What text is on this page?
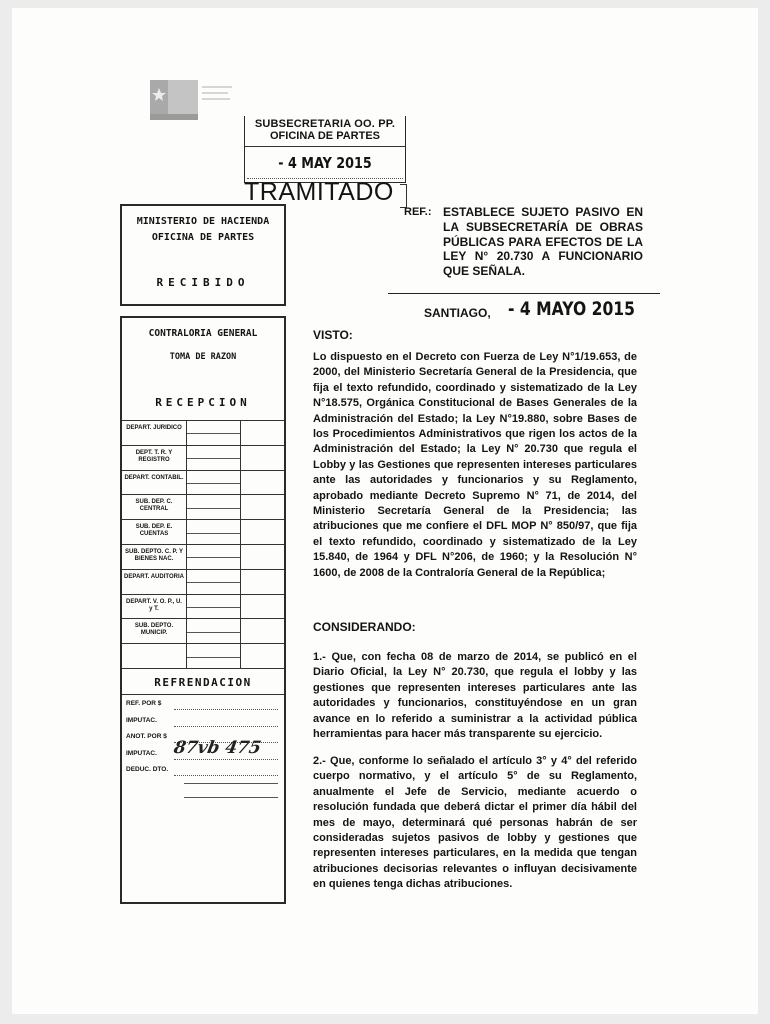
SUBSECRETARIA OO. PP.
OFICINA DE PARTES
- 4 MAY 2015
TRAMITADO
REF.: ESTABLECE SUJETO PASIVO EN LA SUBSECRETARÍA DE OBRAS PÚBLICAS PARA EFECTOS DE LA LEY N° 20.730 A FUNCIONARIO QUE SEÑALA.
MINISTERIO DE HACIENDA
OFICINA DE PARTES
RECIBIDO
CONTRALORIA GENERAL
TOMA DE RAZON
RECEPCION
DEPART. JURIDICO
DEPT. T. R. Y REGISTRO
DEPART. CONTABIL.
SUB. DEP. C. CENTRAL
SUB. DEP. E. CUENTAS
SUB. DEPTO. C. P. Y BIENES NAC.
DEPART. AUDITORIA
DEPART. V. O. P., U. y T.
SUB. DEPTO. MUNICIP.
REFRENDACION
REF. POR $
IMPUTAC.
ANOT. POR $
IMPUTAC.
DEDUC. DTO.
87vb 475
SANTIAGO, - 4 MAYO 2015
VISTO:
Lo dispuesto en el Decreto con Fuerza de Ley N°1/19.653, de 2000, del Ministerio Secretaría General de la Presidencia, que fija el texto refundido, coordinado y sistematizado de la Ley N°18.575, Orgánica Constitucional de Bases Generales de la Administración del Estado; la Ley N°19.880, sobre Bases de los Procedimientos Administrativos que rigen los actos de la Administración del Estado; la Ley N° 20.730 que regula el Lobby y las Gestiones que representen intereses particulares ante las autoridades y funcionarios y su Reglamento, aprobado mediante Decreto Supremo N° 71, de 2014, del Ministerio Secretaría General de la Presidencia; las atribuciones que me confiere el DFL MOP N° 850/97, que fija el texto refundido, coordinado y sistematizado de la Ley 15.840, de 1964 y DFL N°206, de 1960; y la Resolución N° 1600, de 2008 de la Contraloría General de la República;
CONSIDERANDO:
1.- Que, con fecha 08 de marzo de 2014, se publicó en el Diario Oficial, la Ley N° 20.730, que regula el lobby y las gestiones que representen intereses particulares ante las autoridades y funcionarios, constituyéndose en un gran avance en lo referido a suministrar a la actividad pública herramientas para hacer más transparente su ejercicio.
2.- Que, conforme lo señalado el artículo 3° y 4° del referido cuerpo normativo, y el artículo 5° de su Reglamento, anualmente el Jefe de Servicio, mediante acuerdo o resolución fundada que deberá dictar el primer día hábil del mes de mayo, determinará qué personas habrán de ser consideradas sujetos pasivos de lobby y gestiones que representen intereses particulares, en la medida que tengan atribuciones decisorias relevantes o influyan decisivamente en quienes tenga dichas atribuciones.
